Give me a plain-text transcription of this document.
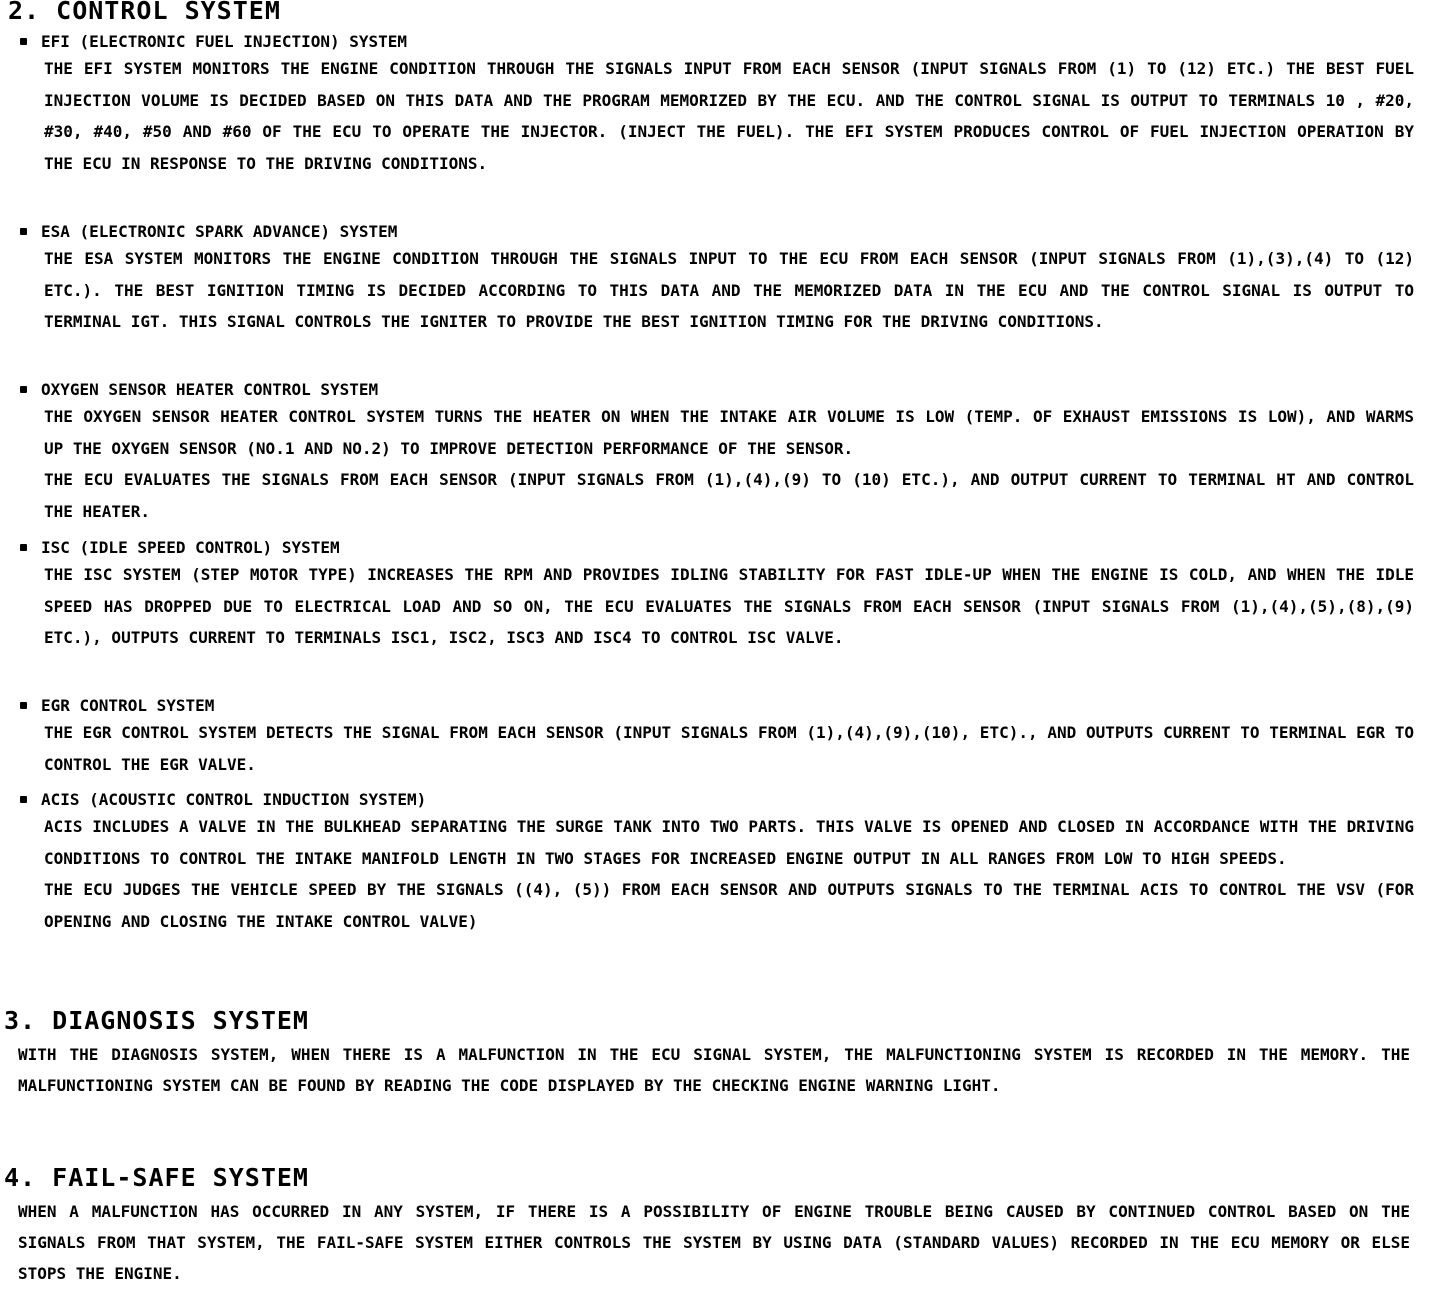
2. CONTROL SYSTEM
EFI (ELECTRONIC FUEL INJECTION) SYSTEM

THE EFI SYSTEM MONITORS THE ENGINE CONDITION THROUGH THE SIGNALS INPUT FROM EACH SENSOR (INPUT SIGNALS FROM (1) TO (12) ETC.) THE BEST FUEL INJECTION VOLUME IS DECIDED BASED ON THIS DATA AND THE PROGRAM MEMORIZED BY THE ECU. AND THE CONTROL SIGNAL IS OUTPUT TO TERMINALS 10 , #20, #30, #40, #50 AND #60 OF THE ECU TO OPERATE THE INJECTOR. (INJECT THE FUEL). THE EFI SYSTEM PRODUCES CONTROL OF FUEL INJECTION OPERATION BY THE ECU IN RESPONSE TO THE DRIVING CONDITIONS.

ESA (ELECTRONIC SPARK ADVANCE) SYSTEM

THE ESA SYSTEM MONITORS THE ENGINE CONDITION THROUGH THE SIGNALS INPUT TO THE ECU FROM EACH SENSOR (INPUT SIGNALS FROM (1),(3),(4) TO (12) ETC.). THE BEST IGNITION TIMING IS DECIDED ACCORDING TO THIS DATA AND THE MEMORIZED DATA IN THE ECU AND THE CONTROL SIGNAL IS OUTPUT TO TERMINAL IGT. THIS SIGNAL CONTROLS THE IGNITER TO PROVIDE THE BEST IGNITION TIMING FOR THE DRIVING CONDITIONS.

OXYGEN SENSOR HEATER CONTROL SYSTEM

THE OXYGEN SENSOR HEATER CONTROL SYSTEM TURNS THE HEATER ON WHEN THE INTAKE AIR VOLUME IS LOW (TEMP. OF EXHAUST EMISSIONS IS LOW), AND WARMS UP THE OXYGEN SENSOR (NO.1 AND NO.2) TO IMPROVE DETECTION PERFORMANCE OF THE SENSOR.

THE ECU EVALUATES THE SIGNALS FROM EACH SENSOR (INPUT SIGNALS FROM (1),(4),(9) TO (10) ETC.), AND OUTPUT CURRENT TO TERMINAL HT AND CONTROL THE HEATER.

ISC (IDLE SPEED CONTROL) SYSTEM

THE ISC SYSTEM (STEP MOTOR TYPE) INCREASES THE RPM AND PROVIDES IDLING STABILITY FOR FAST IDLE-UP WHEN THE ENGINE IS COLD, AND WHEN THE IDLE SPEED HAS DROPPED DUE TO ELECTRICAL LOAD AND SO ON, THE ECU EVALUATES THE SIGNALS FROM EACH SENSOR (INPUT SIGNALS FROM (1),(4),(5),(8),(9) ETC.), OUTPUTS CURRENT TO TERMINALS ISC1, ISC2, ISC3 AND ISC4 TO CONTROL ISC VALVE.

EGR CONTROL SYSTEM

THE EGR CONTROL SYSTEM DETECTS THE SIGNAL FROM EACH SENSOR (INPUT SIGNALS FROM (1),(4),(9),(10), ETC)., AND OUTPUTS CURRENT TO TERMINAL EGR TO CONTROL THE EGR VALVE.

ACIS (ACOUSTIC CONTROL INDUCTION SYSTEM)

ACIS INCLUDES A VALVE IN THE BULKHEAD SEPARATING THE SURGE TANK INTO TWO PARTS. THIS VALVE IS OPENED AND CLOSED IN ACCORDANCE WITH THE DRIVING CONDITIONS TO CONTROL THE INTAKE MANIFOLD LENGTH IN TWO STAGES FOR INCREASED ENGINE OUTPUT IN ALL RANGES FROM LOW TO HIGH SPEEDS.

THE ECU JUDGES THE VEHICLE SPEED BY THE SIGNALS ((4), (5)) FROM EACH SENSOR AND OUTPUTS SIGNALS TO THE TERMINAL ACIS TO CONTROL THE VSV (FOR OPENING AND CLOSING THE INTAKE CONTROL VALVE)

3. DIAGNOSIS SYSTEM

WITH THE DIAGNOSIS SYSTEM, WHEN THERE IS A MALFUNCTION IN THE ECU SIGNAL SYSTEM, THE MALFUNCTIONING SYSTEM IS RECORDED IN THE MEMORY. THE MALFUNCTIONING SYSTEM CAN BE FOUND BY READING THE CODE DISPLAYED BY THE CHECKING ENGINE WARNING LIGHT.

4. FAIL-SAFE SYSTEM

WHEN A MALFUNCTION HAS OCCURRED IN ANY SYSTEM, IF THERE IS A POSSIBILITY OF ENGINE TROUBLE BEING CAUSED BY CONTINUED CONTROL BASED ON THE SIGNALS FROM THAT SYSTEM, THE FAIL-SAFE SYSTEM EITHER CONTROLS THE SYSTEM BY USING DATA (STANDARD VALUES) RECORDED IN THE ECU MEMORY OR ELSE STOPS THE ENGINE.
